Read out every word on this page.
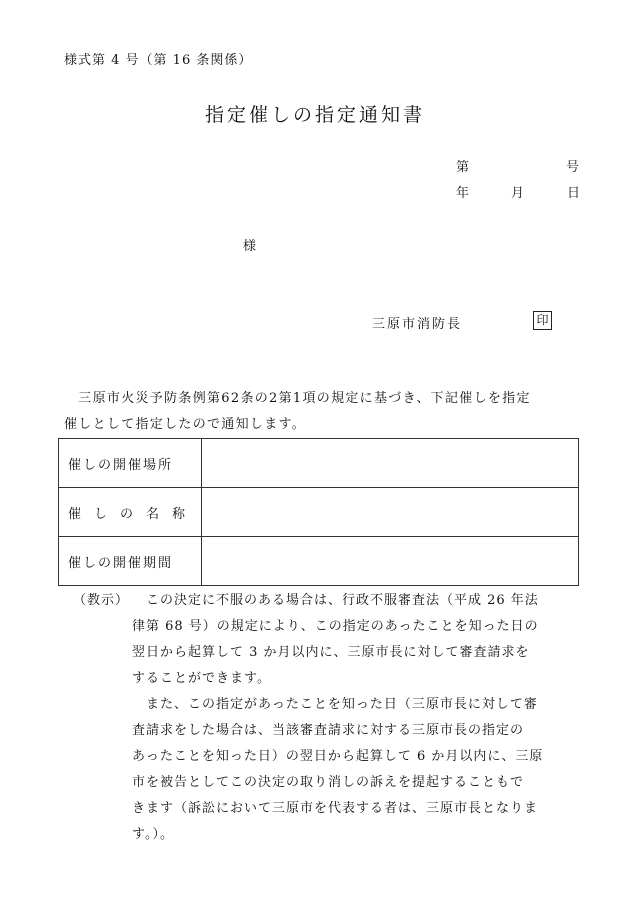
様式第 4 号（第 16 条関係）
指定催しの指定通知書
第	号
年	月	日
様
三原市消防長	印
　三原市火災予防条例第62条の2第1項の規定に基づき、下記催しを指定
催しとして指定したので通知します。
催しの開催場所	
催　し　の　名　称	
催しの開催期間	
（教示） この決定に不服のある場合は、行政不服審査法（平成 26 年法
律第 68 号）の規定により、この指定のあったことを知った日の
翌日から起算して 3 か月以内に、三原市長に対して審査請求を
することができます。
　また、この指定があったことを知った日（三原市長に対して審
査請求をした場合は、当該審査請求に対する三原市長の指定の
あったことを知った日）の翌日から起算して 6 か月以内に、三原
市を被告としてこの決定の取り消しの訴えを提起することもで
きます（訴訟において三原市を代表する者は、三原市長となりま
す。）。
